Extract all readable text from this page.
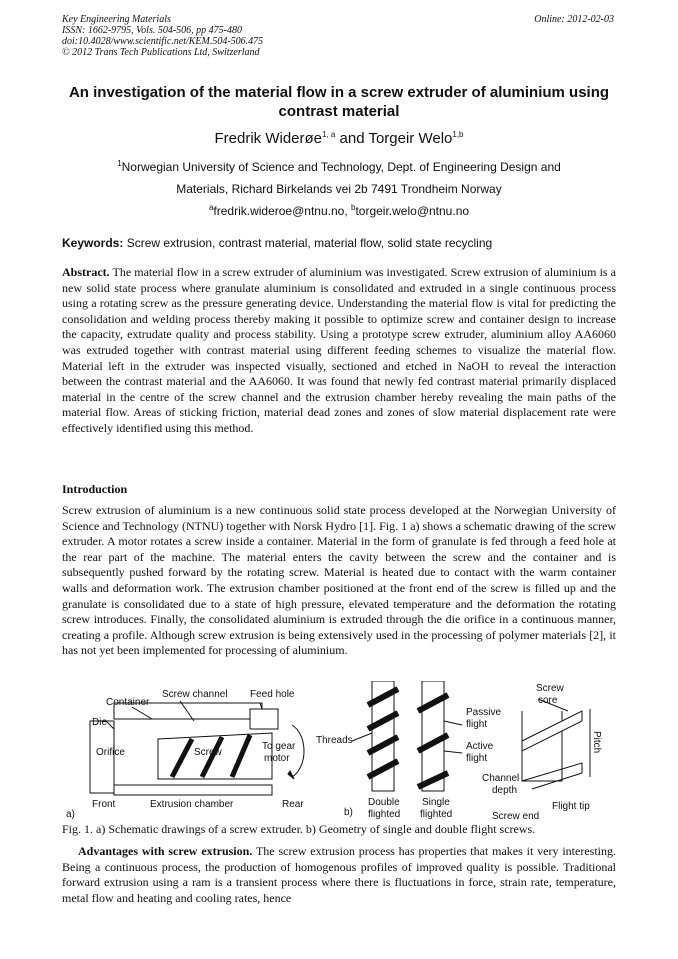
Key Engineering Materials
ISSN: 1662-9795, Vols. 504-506, pp 475-480
doi:10.4028/www.scientific.net/KEM.504-506.475
© 2012 Trans Tech Publications Ltd, Switzerland
Online: 2012-02-03
An investigation of the material flow in a screw extruder of aluminium using contrast material
Fredrik Widerøe$^{1, a}$ and Torgeir Welo$^{1,b}$
$^1$Norwegian University of Science and Technology, Dept. of Engineering Design and
Materials, Richard Birkelands vei 2b 7491 Trondheim Norway
$^a$fredrik.wideroe@ntnu.no, $^b$torgeir.welo@ntnu.no
Keywords: Screw extrusion, contrast material, material flow, solid state recycling
Abstract. The material flow in a screw extruder of aluminium was investigated. Screw extrusion of aluminium is a new solid state process where granulate aluminium is consolidated and extruded in a single continuous process using a rotating screw as the pressure generating device. Understanding the material flow is vital for predicting the consolidation and welding process thereby making it possible to optimize screw and container design to increase the capacity, extrudate quality and process stability. Using a prototype screw extruder, aluminium alloy AA6060 was extruded together with contrast material using different feeding schemes to visualize the material flow. Material left in the extruder was inspected visually, sectioned and etched in NaOH to reveal the interaction between the contrast material and the AA6060. It was found that newly fed contrast material primarily displaced material in the centre of the screw channel and the extrusion chamber hereby revealing the main paths of the material flow. Areas of sticking friction, material dead zones and zones of slow material displacement rate were effectively identified using this method.
Introduction
Screw extrusion of aluminium is a new continuous solid state process developed at the Norwegian University of Science and Technology (NTNU) together with Norsk Hydro [1]. Fig. 1 a) shows a schematic drawing of the screw extruder. A motor rotates a screw inside a container. Material in the form of granulate is fed through a feed hole at the rear part of the machine. The material enters the cavity between the screw and the container and is subsequently pushed forward by the rotating screw. Material is heated due to contact with the warm container walls and deformation work. The extrusion chamber positioned at the front end of the screw is filled up and the granulate is consolidated due to a state of high pressure, elevated temperature and the deformation the rotating screw introduces. Finally, the consolidated aluminium is extruded through the die orifice in a continuous manner, creating a profile. Although screw extrusion is being extensively used in the processing of polymer materials [2], it has not yet been implemented for processing of aluminium.
Screw channel Feed hole
Container
Die
Orifice	Screw
To gear
motor
Front	Extrusion chamber	Rear
a)
Threads
Passive
flight
Active
flight
Double
flighted
Single
flighted
Screw
core
Pitch
Channel
depth
Screw end
Flight tip
b)
Fig. 1. a) Schematic drawings of a screw extruder. b) Geometry of single and double flight screws.
Advantages with screw extrusion. The screw extrusion process has properties that makes it very interesting. Being a continuous process, the production of homogenous profiles of improved quality is possible. Traditional forward extrusion using a ram is a transient process where there is fluctuations in force, strain rate, temperature, metal flow and heating and cooling rates, hence
